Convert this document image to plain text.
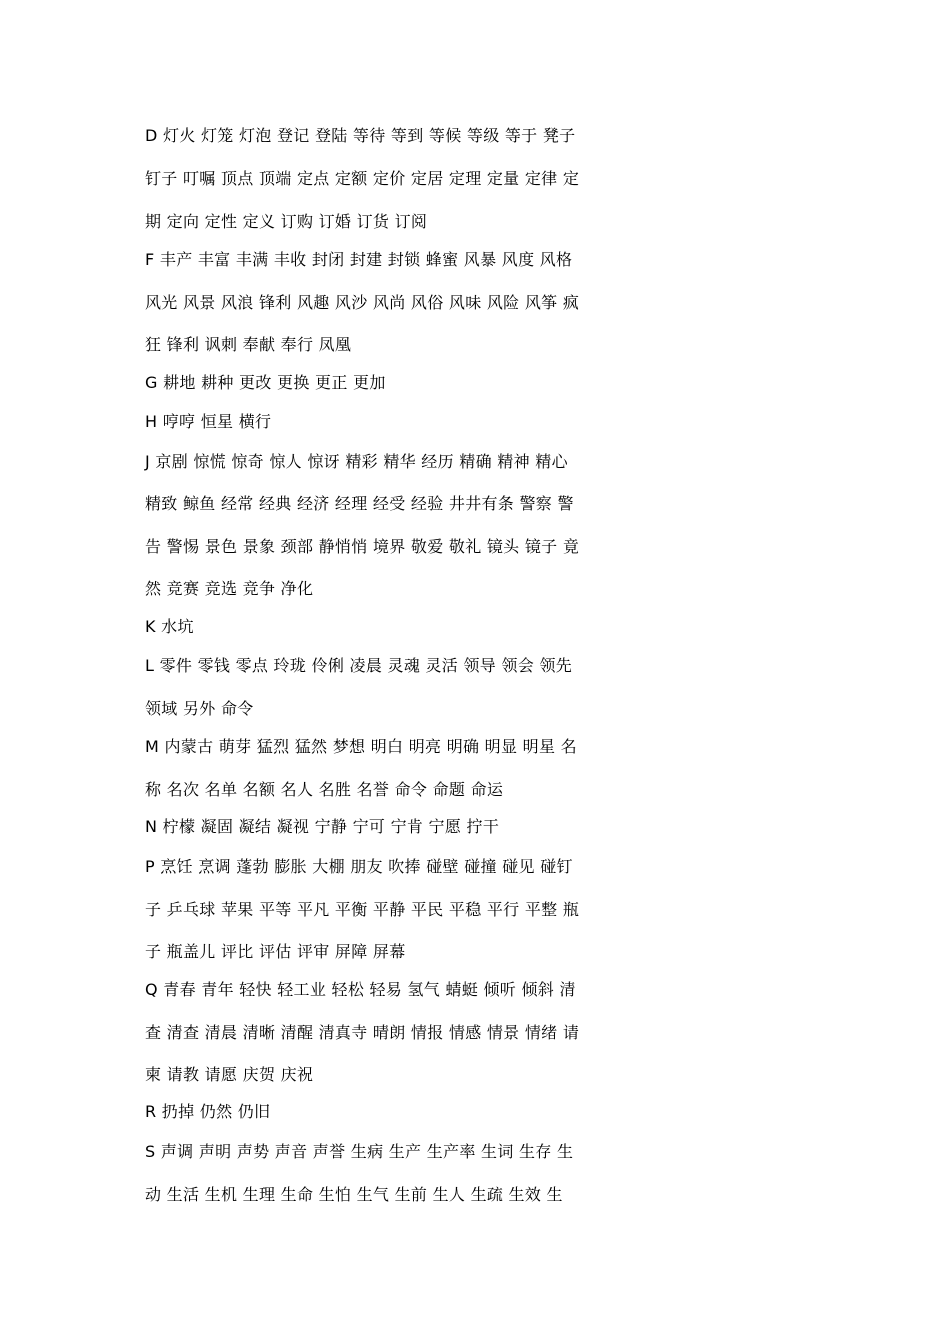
D 灯火 灯笼 灯泡 登记 登陆 等待 等到 等候 等级 等于 凳子
钉子 叮嘱 顶点 顶端 定点 定额 定价 定居 定理 定量 定律 定
期 定向 定性 定义 订购 订婚 订货 订阅
F 丰产 丰富 丰满 丰收 封闭 封建 封锁 蜂蜜 风暴 风度 风格
风光 风景 风浪 锋利 风趣 风沙 风尚 风俗 风味 风险 风筝 疯
狂 锋利 讽刺 奉献 奉行 凤凰
G 耕地 耕种 更改 更换 更正 更加
H 哼哼 恒星 横行
J 京剧 惊慌 惊奇 惊人 惊讶 精彩 精华 经历 精确 精神 精心
精致 鲸鱼 经常 经典 经济 经理 经受 经验 井井有条 警察 警
告 警惕 景色 景象 颈部 静悄悄 境界 敬爱 敬礼 镜头 镜子 竟
然 竞赛 竞选 竞争 净化
K 水坑
L 零件 零钱 零点 玲珑 伶俐 凌晨 灵魂 灵活 领导 领会 领先
领域 另外 命令
M 内蒙古 萌芽 猛烈 猛然 梦想 明白 明亮 明确 明显 明星 名
称 名次 名单 名额 名人 名胜 名誉 命令 命题 命运
N 柠檬 凝固 凝结 凝视 宁静 宁可 宁肯 宁愿 拧干
P 烹饪 烹调 蓬勃 膨胀 大棚 朋友 吹捧 碰壁 碰撞 碰见 碰钉
子 乒乓球 苹果 平等 平凡 平衡 平静 平民 平稳 平行 平整 瓶
子 瓶盖儿 评比 评估 评审 屏障 屏幕
Q 青春 青年 轻快 轻工业 轻松 轻易 氢气 蜻蜓 倾听 倾斜 清
查 清查 清晨 清晰 清醒 清真寺 晴朗 情报 情感 情景 情绪 请
柬 请教 请愿 庆贺 庆祝
R 扔掉 仍然 仍旧
S 声调 声明 声势 声音 声誉 生病 生产 生产率 生词 生存 生
动 生活 生机 生理 生命 生怕 生气 生前 生人 生疏 生效 生
